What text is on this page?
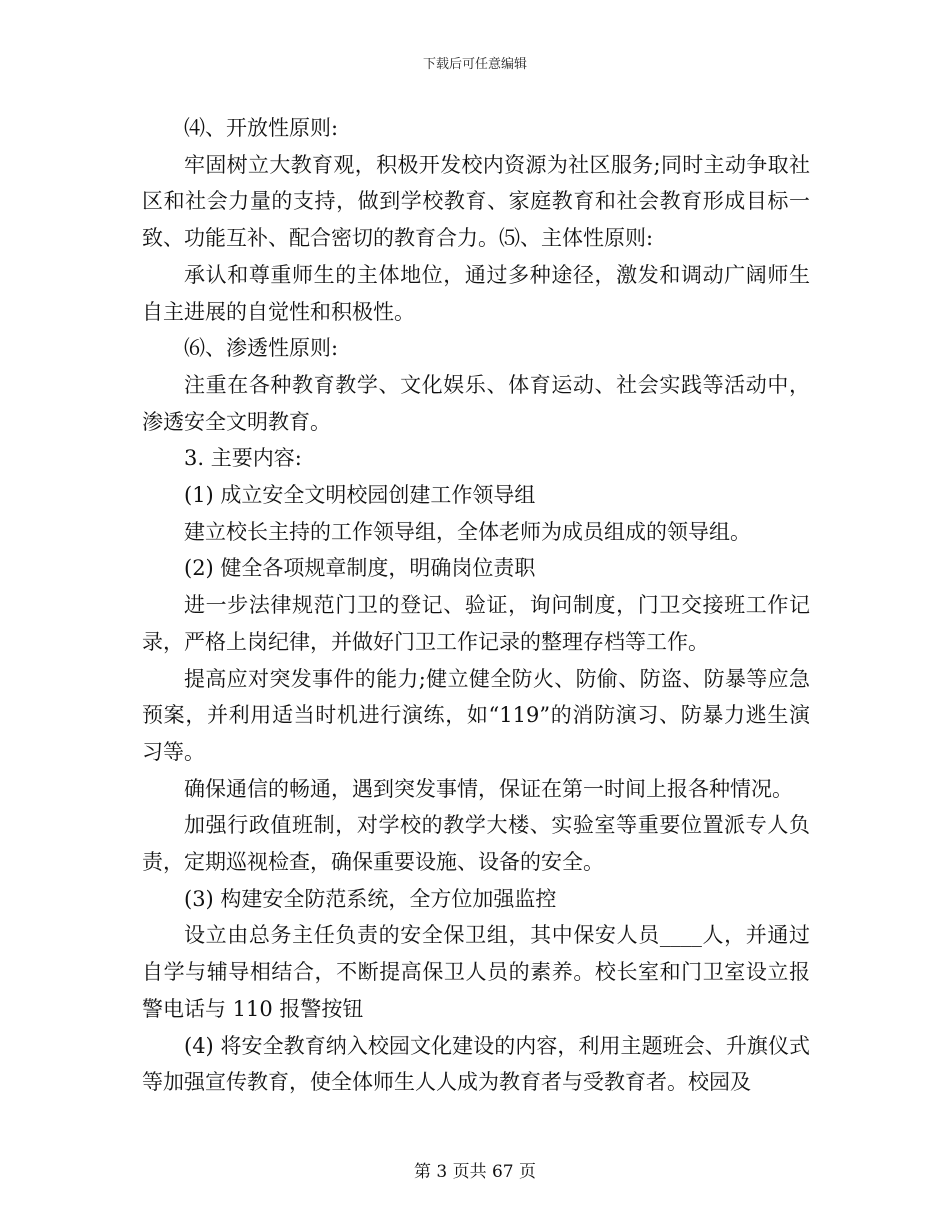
下载后可任意编辑

⑷、开放性原则:

牢固树立大教育观，积极开发校内资源为社区服务;同时主动争取社区和社会力量的支持，做到学校教育、家庭教育和社会教育形成目标一致、功能互补、配合密切的教育合力。⑸、主体性原则:

承认和尊重师生的主体地位，通过多种途径，激发和调动广阔师生自主进展的自觉性和积极性。

⑹、渗透性原则:

注重在各种教育教学、文化娱乐、体育运动、社会实践等活动中，渗透安全文明教育。

3. 主要内容:

(1) 成立安全文明校园创建工作领导组

建立校长主持的工作领导组，全体老师为成员组成的领导组。

(2) 健全各项规章制度，明确岗位责职

进一步法律规范门卫的登记、验证，询问制度，门卫交接班工作记录，严格上岗纪律，并做好门卫工作记录的整理存档等工作。

提高应对突发事件的能力;健立健全防火、防偷、防盗、防暴等应急预案，并利用适当时机进行演练，如“119”的消防演习、防暴力逃生演习等。

确保通信的畅通，遇到突发事情，保证在第一时间上报各种情况。

加强行政值班制，对学校的教学大楼、实验室等重要位置派专人负责，定期巡视检查，确保重要设施、设备的安全。

(3) 构建安全防范系统，全方位加强监控

设立由总务主任负责的安全保卫组，其中保安人员____人，并通过自学与辅导相结合，不断提高保卫人员的素养。校长室和门卫室设立报警电话与 110 报警按钮

(4) 将安全教育纳入校园文化建设的内容，利用主题班会、升旗仪式等加强宣传教育，使全体师生人人成为教育者与受教育者。校园及

第 3 页共 67 页
